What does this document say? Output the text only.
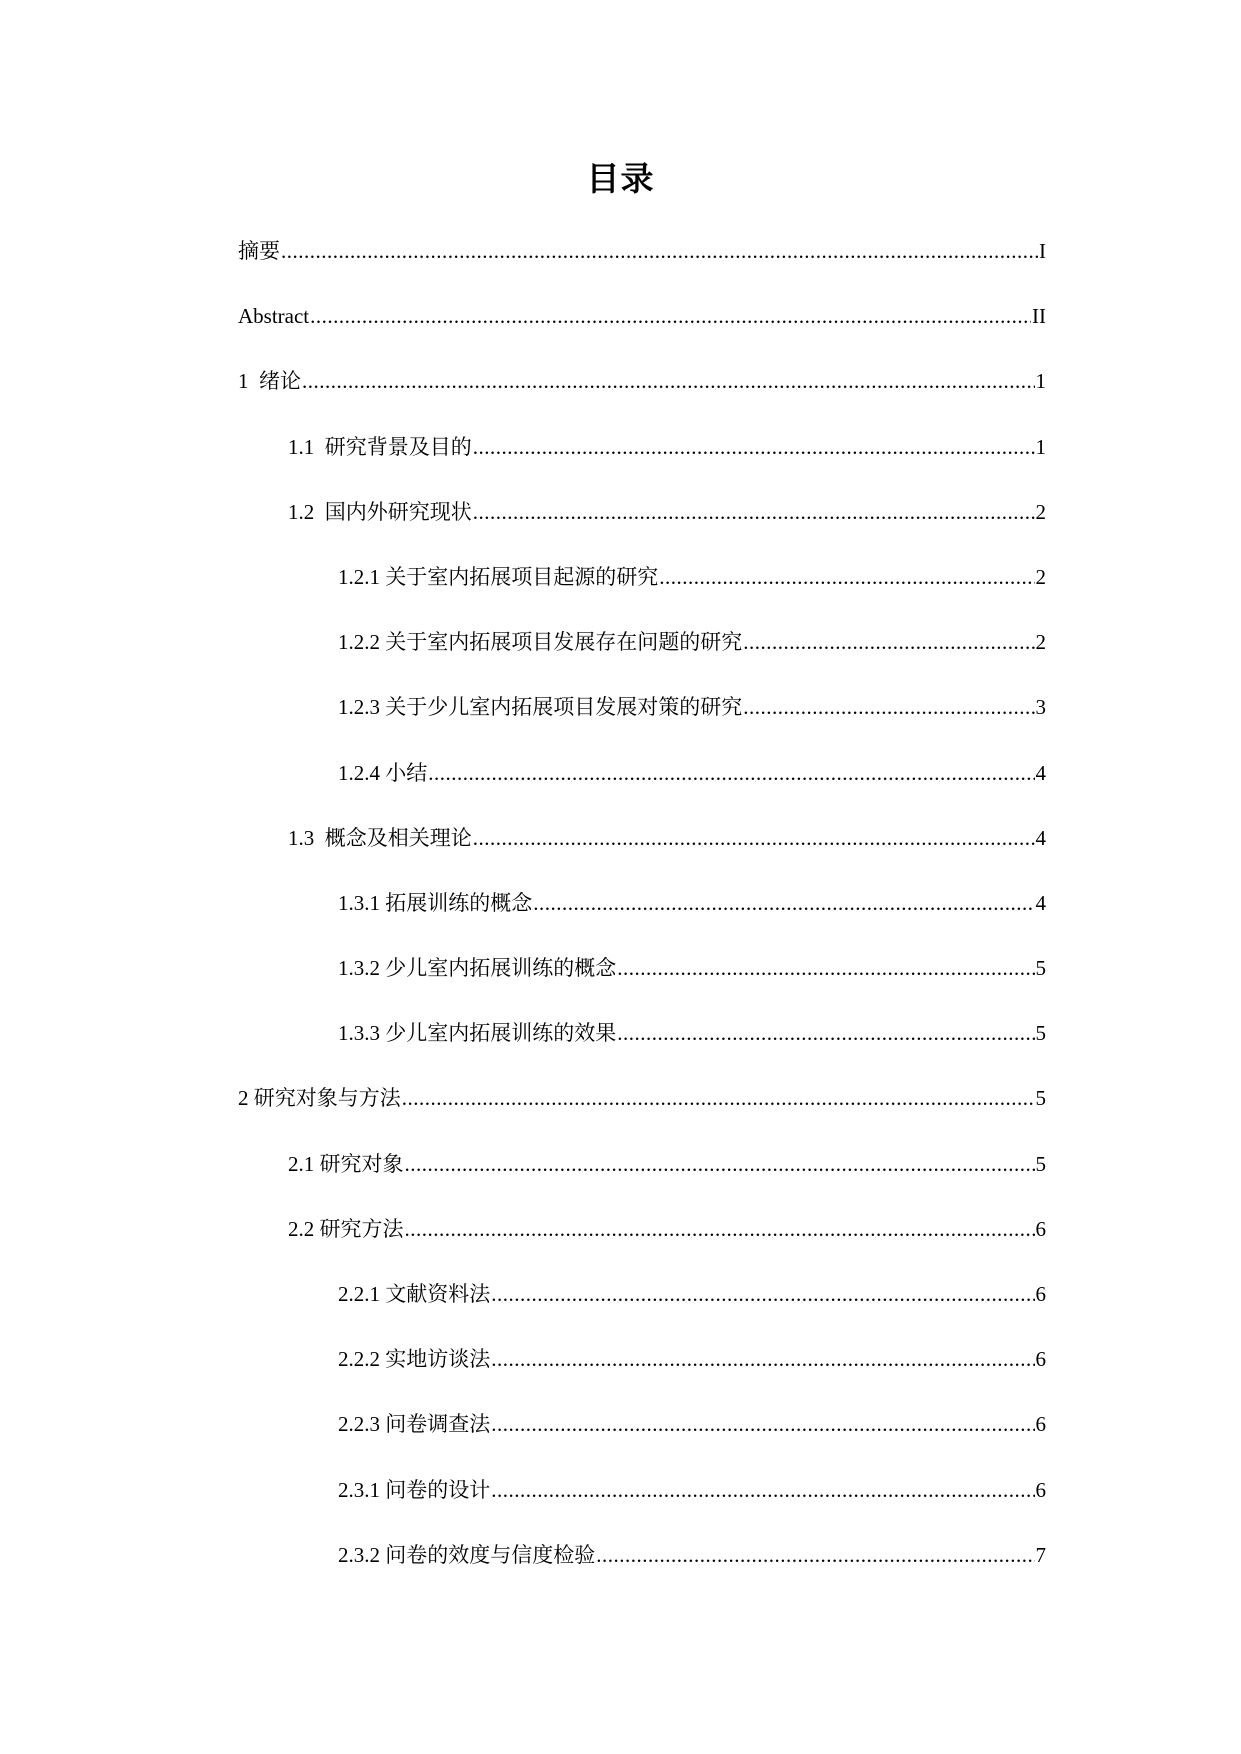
目录
摘要 .....	I
Abstract .....	II
1  绪论 .....	1
1.1  研究背景及目的 .....	1
1.2  国内外研究现状 .....	2
1.2.1 关于室内拓展项目起源的研究 .....	2
1.2.2 关于室内拓展项目发展存在问题的研究 .....	2
1.2.3 关于少儿室内拓展项目发展对策的研究 .....	3
1.2.4 小结 .....	4
1.3  概念及相关理论 .....	4
1.3.1 拓展训练的概念 .....	4
1.3.2 少儿室内拓展训练的概念 .....	5
1.3.3 少儿室内拓展训练的效果 .....	5
2 研究对象与方法 .....	5
2.1 研究对象 .....	5
2.2 研究方法 .....	6
2.2.1 文献资料法 .....	6
2.2.2 实地访谈法 .....	6
2.2.3 问卷调查法 .....	6
2.3.1 问卷的设计 .....	6
2.3.2 问卷的效度与信度检验 .....	7
